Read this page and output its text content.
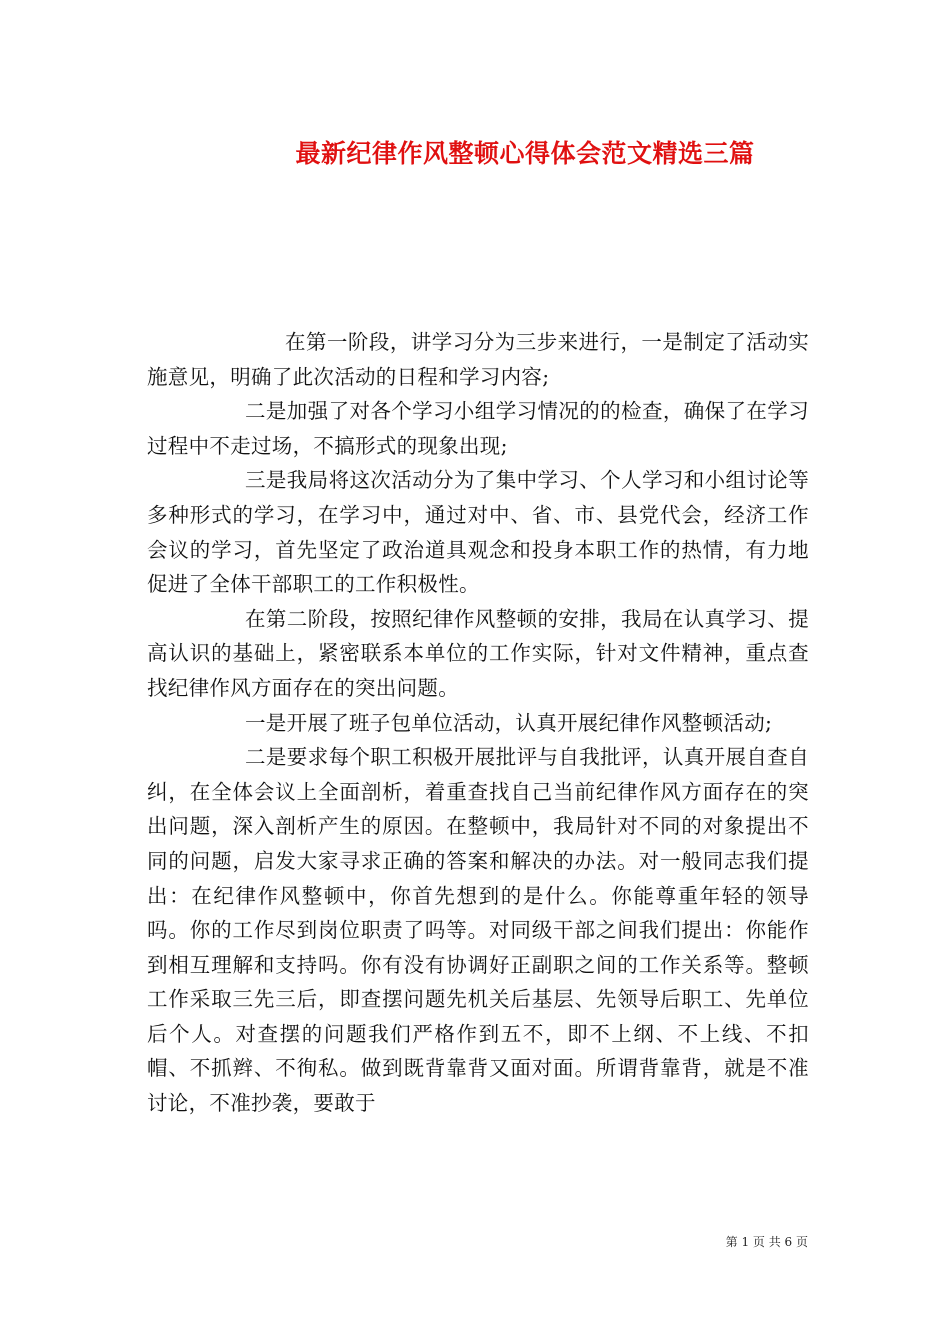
最新纪律作风整顿心得体会范文精选三篇

在第一阶段，讲学习分为三步来进行，一是制定了活动实施意见，明确了此次活动的日程和学习内容;

二是加强了对各个学习小组学习情况的的检查，确保了在学习过程中不走过场，不搞形式的现象出现;

三是我局将这次活动分为了集中学习、个人学习和小组讨论等多种形式的学习，在学习中，通过对中、省、市、县党代会，经济工作会议的学习，首先坚定了政治道具观念和投身本职工作的热情，有力地促进了全体干部职工的工作积极性。

在第二阶段，按照纪律作风整顿的安排，我局在认真学习、提高认识的基础上，紧密联系本单位的工作实际，针对文件精神，重点查找纪律作风方面存在的突出问题。

一是开展了班子包单位活动，认真开展纪律作风整顿活动;

二是要求每个职工积极开展批评与自我批评，认真开展自查自纠，在全体会议上全面剖析，着重查找自己当前纪律作风方面存在的突出问题，深入剖析产生的原因。在整顿中，我局针对不同的对象提出不同的问题，启发大家寻求正确的答案和解决的办法。对一般同志我们提出：在纪律作风整顿中，你首先想到的是什么。你能尊重年轻的领导吗。你的工作尽到岗位职责了吗等。对同级干部之间我们提出：你能作到相互理解和支持吗。你有没有协调好正副职之间的工作关系等。整顿工作采取三先三后，即查摆问题先机关后基层、先领导后职工、先单位后个人。对查摆的问题我们严格作到五不，即不上纲、不上线、不扣帽、不抓辫、不徇私。做到既背靠背又面对面。所谓背靠背，就是不准讨论，不准抄袭，要敢于

第 1 页 共 6 页
